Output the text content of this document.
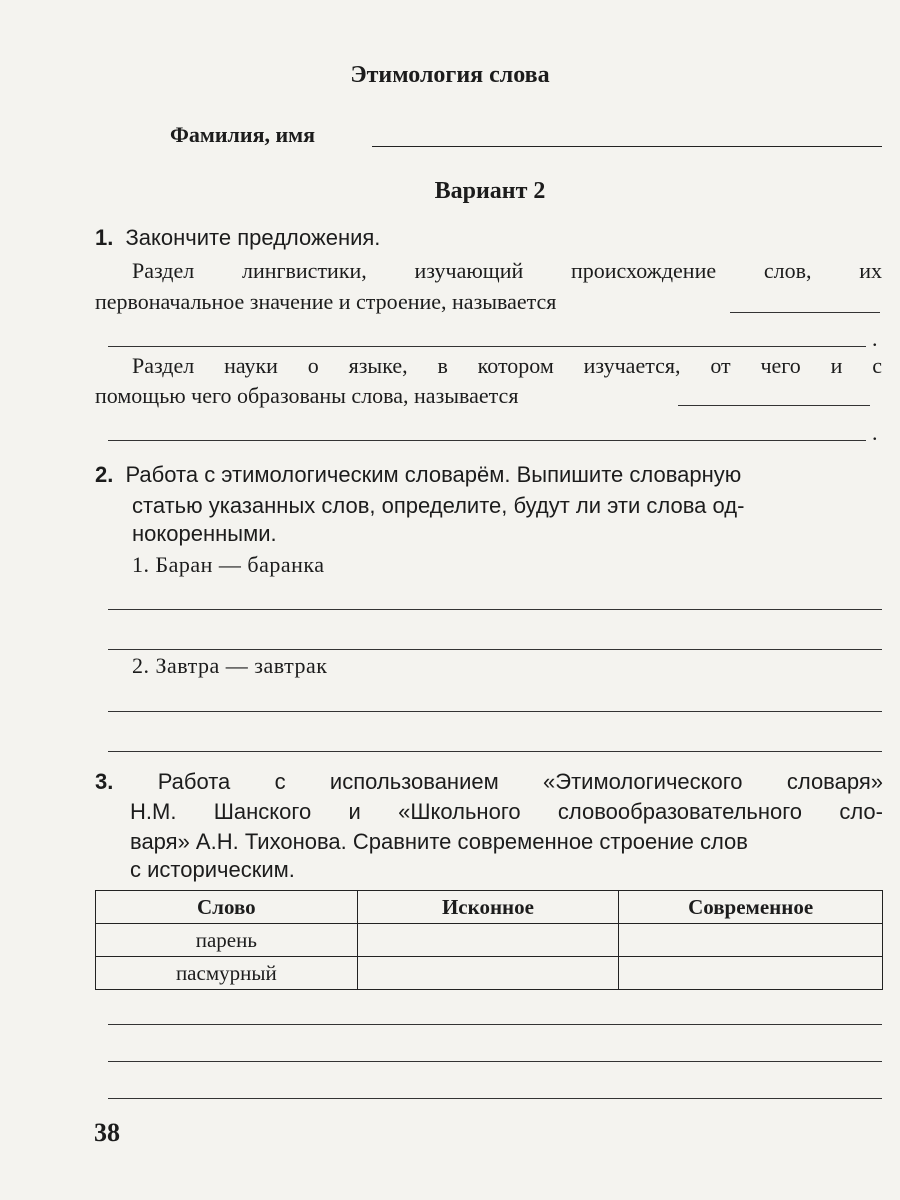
Этимология слова
Фамилия, имя
Вариант 2
1. Закончите предложения.
Раздел лингвистики, изучающий происхождение слов, их
первоначальное значение и строение, называется
.
Раздел науки о языке, в котором изучается, от чего и с
помощью чего образованы слова, называется
.
2. Работа с этимологическим словарём. Выпишите словарную
статью указанных слов, определите, будут ли эти слова од-
нокоренными.
1. Баран — баранка
2. Завтра — завтрак
3. Работа с использованием «Этимологического словаря»
Н.М. Шанского и «Школьного словообразовательного сло-
варя» А.Н. Тихонова. Сравните современное строение слов
с историческим.
Слово	Исконное	Современное
парень		
пасмурный		
38
